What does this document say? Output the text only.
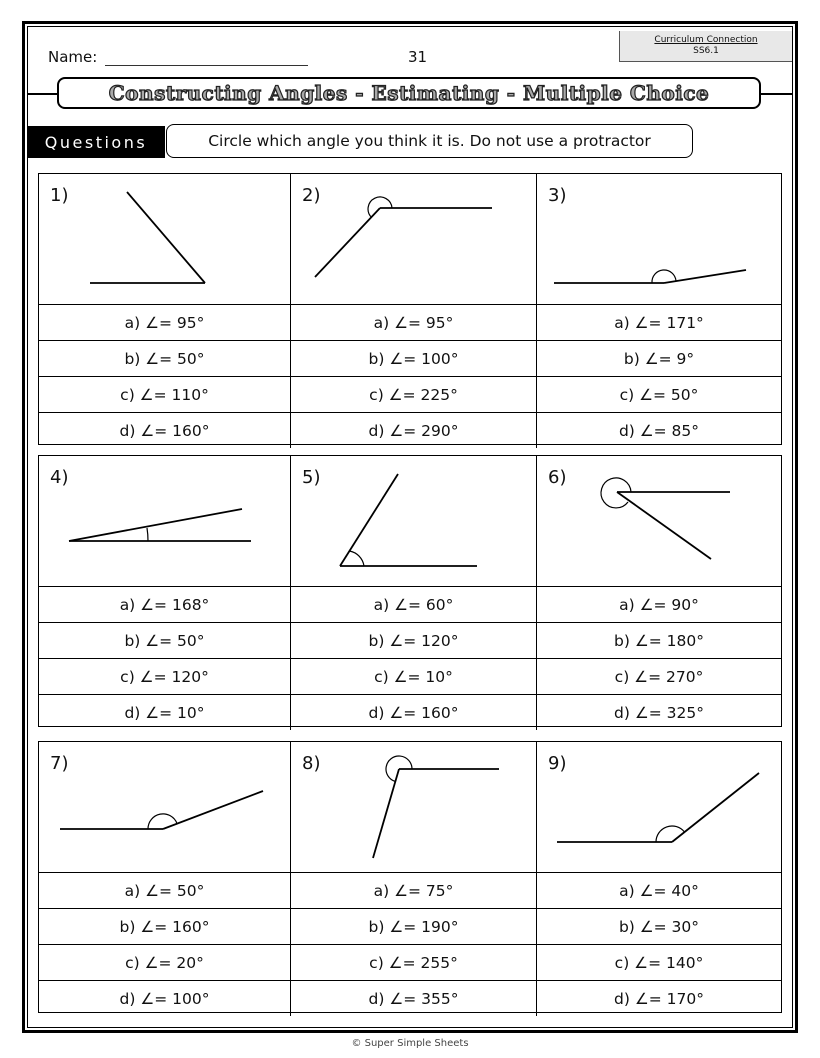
Name:	31
Curriculum Connection
SS6.1
Constructing Angles - Estimating - Multiple Choice
Questions	Circle which angle you think it is. Do not use a protractor
1)	2)	3)
a) ∠= 95°	a) ∠= 95°	a) ∠= 171°
b) ∠= 50°	b) ∠= 100°	b) ∠= 9°
c) ∠= 110°	c) ∠= 225°	c) ∠= 50°
d) ∠= 160°	d) ∠= 290°	d) ∠= 85°
4)	5)	6)
a) ∠= 168°	a) ∠= 60°	a) ∠= 90°
b) ∠= 50°	b) ∠= 120°	b) ∠= 180°
c) ∠= 120°	c) ∠= 10°	c) ∠= 270°
d) ∠= 10°	d) ∠= 160°	d) ∠= 325°
7)	8)	9)
a) ∠= 50°	a) ∠= 75°	a) ∠= 40°
b) ∠= 160°	b) ∠= 190°	b) ∠= 30°
c) ∠= 20°	c) ∠= 255°	c) ∠= 140°
d) ∠= 100°	d) ∠= 355°	d) ∠= 170°
© Super Simple Sheets
